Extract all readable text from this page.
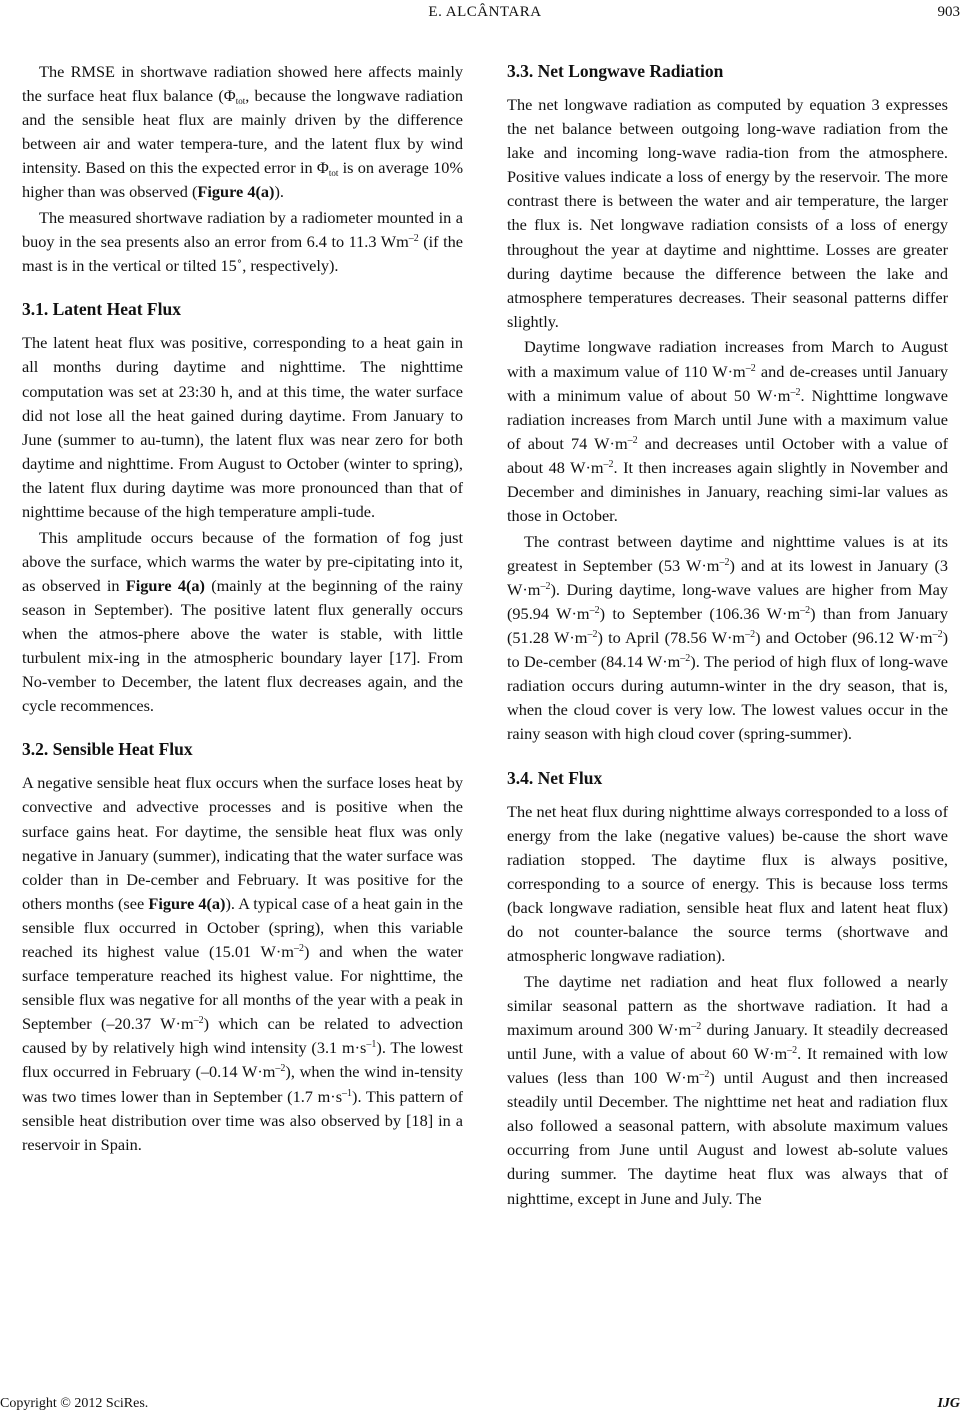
E. ALCÂNTARA	903

The RMSE in shortwave radiation showed here affects mainly the surface heat flux balance ($\Phi_{tot}$, because the longwave radiation and the sensible heat flux are mainly driven by the difference between air and water tempera-ture, and the latent flux by wind intensity. Based on this the expected error in $\Phi_{tot}$ is on average 10% higher than was observed (Figure 4(a)).

The measured shortwave radiation by a radiometer mounted in a buoy in the sea presents also an error from 6.4 to 11.3 $Wm^{-2}$ (if the mast is in the vertical or tilted 15˚, respectively).

3.1. Latent Heat Flux

The latent heat flux was positive, corresponding to a heat gain in all months during daytime and nighttime. The nighttime computation was set at 23:30 h, and at this time, the water surface did not lose all the heat gained during daytime. From January to June (summer to au-tumn), the latent flux was near zero for both daytime and nighttime. From August to October (winter to spring), the latent flux during daytime was more pronounced than that of nighttime because of the high temperature ampli-tude.

This amplitude occurs because of the formation of fog just above the surface, which warms the water by pre-cipitating into it, as observed in Figure 4(a) (mainly at the beginning of the rainy season in September). The positive latent flux generally occurs when the atmos-phere above the water is stable, with little turbulent mix-ing in the atmospheric boundary layer [17]. From No-vember to December, the latent flux decreases again, and the cycle recommences.

3.2. Sensible Heat Flux

A negative sensible heat flux occurs when the surface loses heat by convective and advective processes and is positive when the surface gains heat. For daytime, the sensible heat flux was only negative in January (summer), indicating that the water surface was colder than in De-cember and February. It was positive for the others months (see Figure 4(a)). A typical case of a heat gain in the sensible flux occurred in October (spring), when this variable reached its highest value (15.01 $W\cdot m^{-2}$) and when the water surface temperature reached its highest value. For nighttime, the sensible flux was negative for all months of the year with a peak in September (–20.37 $W\cdot m^{-2}$) which can be related to advection caused by by relatively high wind intensity (3.1 $m\cdot s^{-1}$). The lowest flux occurred in February (–0.14 $W\cdot m^{-2}$), when the wind in-tensity was two times lower than in September (1.7 $m\cdot s^{-1}$). This pattern of sensible heat distribution over time was also observed by [18] in a reservoir in Spain.

3.3. Net Longwave Radiation

The net longwave radiation as computed by equation 3 expresses the net balance between outgoing long-wave radiation from the lake and incoming long-wave radia-tion from the atmosphere. Positive values indicate a loss of energy by the reservoir. The more contrast there is between the water and air temperature, the larger the flux is. Net longwave radiation consists of a loss of energy throughout the year at daytime and nighttime. Losses are greater during daytime because the difference between the lake and atmosphere temperatures decreases. Their seasonal patterns differ slightly.

Daytime longwave radiation increases from March to August with a maximum value of 110 $W\cdot m^{-2}$ and de-creases until January with a minimum value of about 50 $W\cdot m^{-2}$. Nighttime longwave radiation increases from March until June with a maximum value of about 74 $W\cdot m^{-2}$ and decreases until October with a value of about 48 $W\cdot m^{-2}$. It then increases again slightly in November and December and diminishes in January, reaching simi-lar values as those in October.

The contrast between daytime and nighttime values is at its greatest in September (53 $W\cdot m^{-2}$) and at its lowest in January (3 $W\cdot m^{-2}$). During daytime, long-wave values are higher from May (95.94 $W\cdot m^{-2}$) to September (106.36 $W\cdot m^{-2}$) than from January (51.28 $W\cdot m^{-2}$) to April (78.56 $W\cdot m^{-2}$) and October (96.12 $W\cdot m^{-2}$) to De-cember (84.14 $W\cdot m^{-2}$). The period of high flux of long-wave radiation occurs during autumn-winter in the dry season, that is, when the cloud cover is very low. The lowest values occur in the rainy season with high cloud cover (spring-summer).

3.4. Net Flux

The net heat flux during nighttime always corresponded to a loss of energy from the lake (negative values) be-cause the short wave radiation stopped. The daytime flux is always positive, corresponding to a source of energy. This is because loss terms (back longwave radiation, sensible heat flux and latent heat flux) do not counter-balance the source terms (shortwave and atmospheric longwave radiation).

The daytime net radiation and heat flux followed a nearly similar seasonal pattern as the shortwave radiation. It had a maximum around 300 $W\cdot m^{-2}$ during January. It steadily decreased until June, with a value of about 60 $W\cdot m^{-2}$. It remained with low values (less than 100 $W\cdot m^{-2}$) until August and then increased steadily until December. The nighttime net heat and radiation flux also followed a seasonal pattern, with absolute maximum values occurring from June until August and lowest ab-solute values during summer. The daytime heat flux was always that of nighttime, except in June and July. The

Copyright © 2012 SciRes.	IJG
